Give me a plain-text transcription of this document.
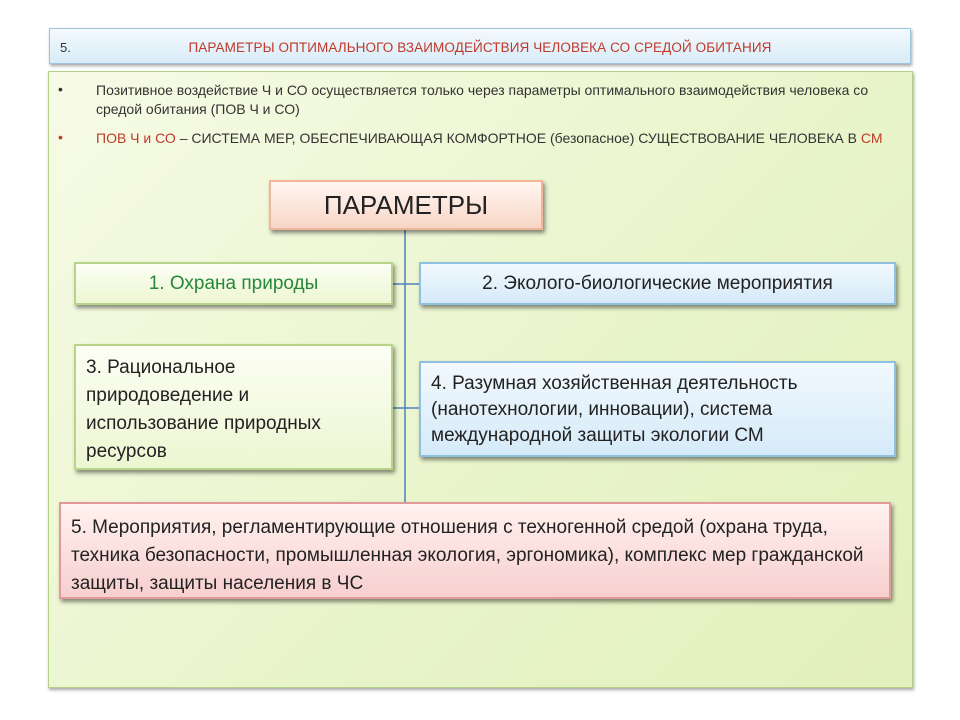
5.	ПАРАМЕТРЫ ОПТИМАЛЬНОГО ВЗАИМОДЕЙСТВИЯ ЧЕЛОВЕКА СО СРЕДОЙ ОБИТАНИЯ
• Позитивное воздействие Ч и СО осуществляется только через параметры оптимального взаимодействия человека со средой обитания (ПОВ Ч и СО)
• ПОВ Ч и СО – СИСТЕМА МЕР, ОБЕСПЕЧИВАЮЩАЯ КОМФОРТНОЕ (безопасное) СУЩЕСТВОВАНИЕ ЧЕЛОВЕКА В СМ
ПАРАМЕТРЫ
1. Охрана природы	2. Эколого-биологические мероприятия
3. Рациональное природоведение и использование природных ресурсов
4. Разумная хозяйственная деятельность (нанотехнологии, инновации), система международной защиты экологии СМ
5. Мероприятия, регламентирующие отношения с техногенной средой (охрана труда, техника безопасности, промышленная экология, эргономика), комплекс мер гражданской защиты, защиты населения в ЧС
